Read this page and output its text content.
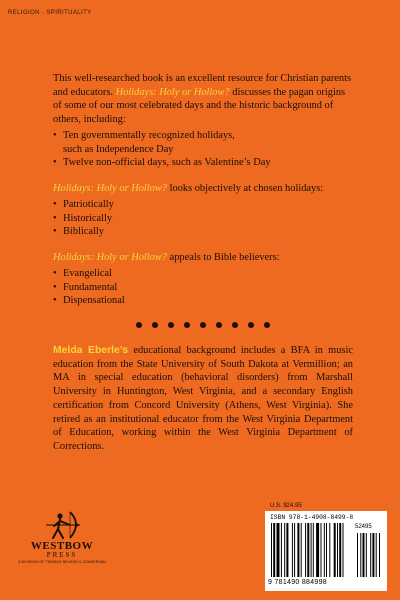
RELIGION · SPIRITUALITY

This well-researched book is an excellent resource for Christian parents and educators. Holidays: Holy or Hollow? discusses the pagan origins of some of our most celebrated days and the historic background of others, including:

• Ten governmentally recognized holidays,
such as Independence Day
• Twelve non-official days, such as Valentine’s Day

Holidays: Holy or Hollow? looks objectively at chosen holidays:

• Patriotically
• Historically
• Biblically

Holidays: Holy or Hollow? appeals to Bible believers:

• Evangelical
• Fundamental
• Dispensational

Melda Eberle’s educational background includes a BFA in music education from the State University of South Dakota at Vermillion; an MA in special education (behavioral disorders) from Marshall University in Huntington, West Virginia, and a secondary English certification from Concord University (Athens, West Virginia). She retired as an institutional educator from the West Virginia Department of Education, working within the West Virginia Department of Corrections.

WESTBOW
PRESS
A DIVISION OF THOMAS NELSON & ZONDERVAN
U.S. $24.95
ISBN 978-1-4908-8499-8
52495
9 781490 884998
